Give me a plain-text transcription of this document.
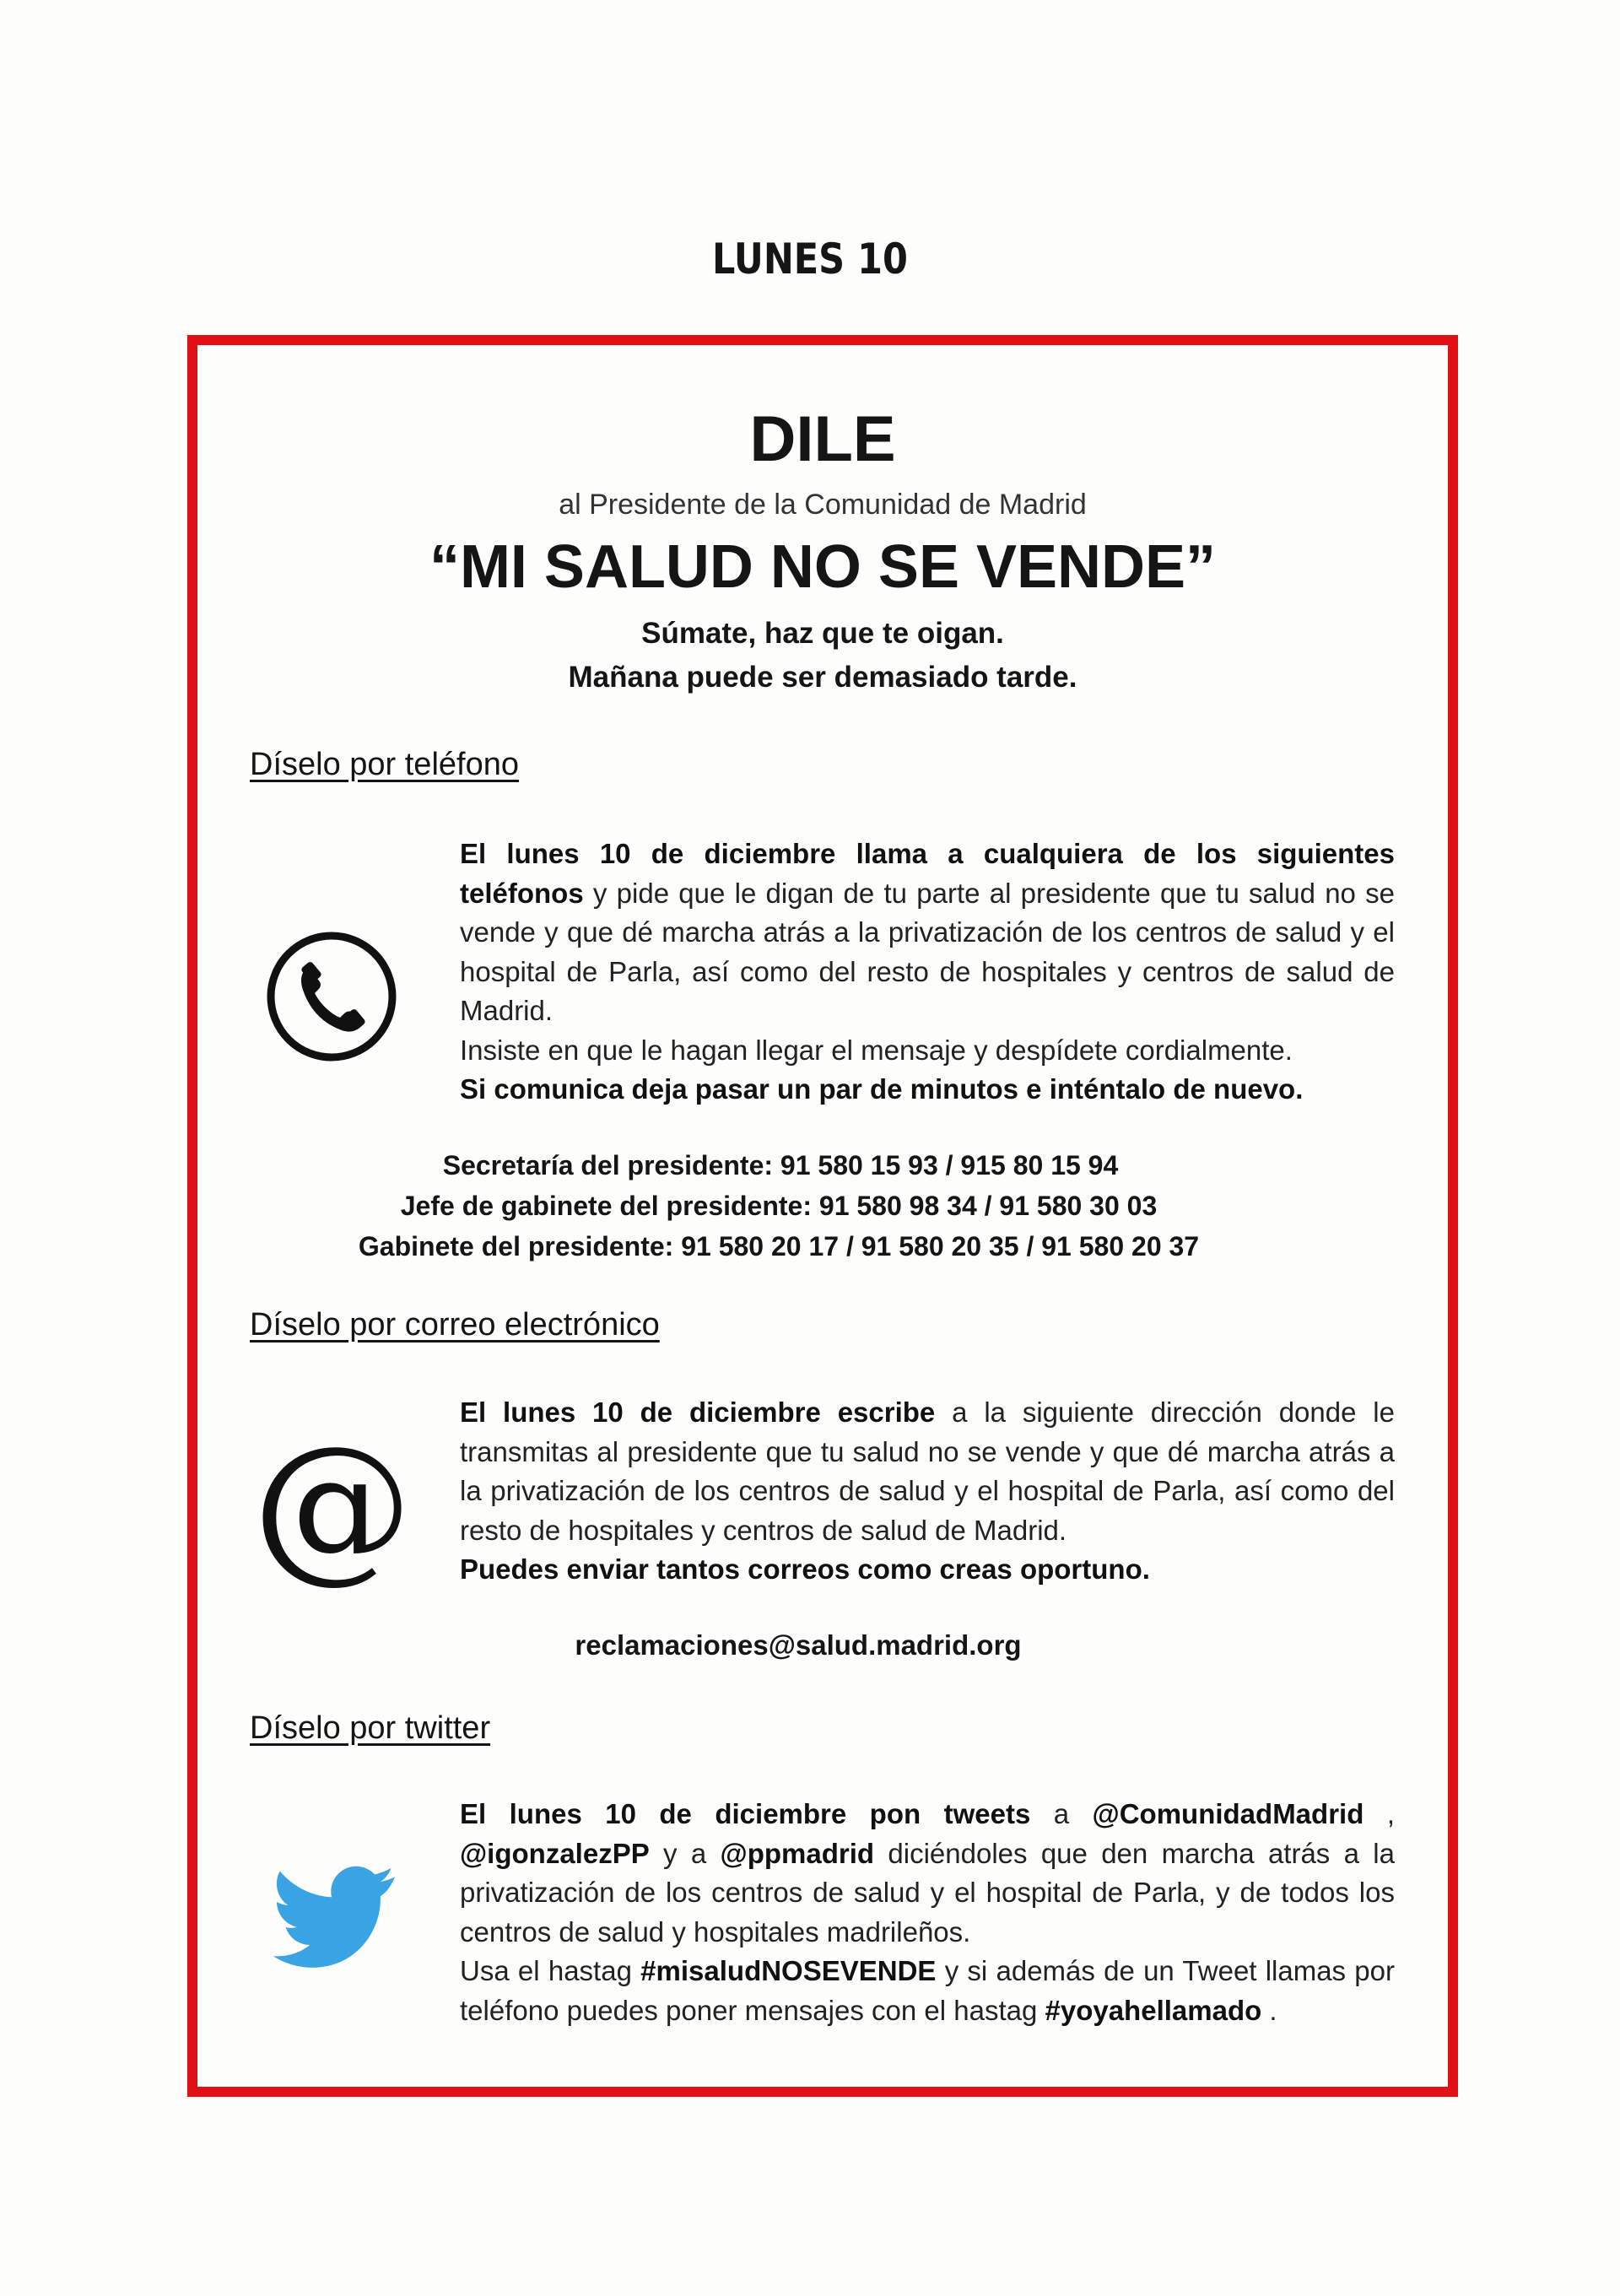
LUNES 10
DILE
al Presidente de la Comunidad de Madrid
“MI SALUD NO SE VENDE”
Súmate, haz que te oigan.
Mañana puede ser demasiado tarde.
Díselo por teléfono
El lunes 10 de diciembre llama a cualquiera de los siguientes teléfonos y pide que le digan de tu parte al presidente que tu salud no se vende y que dé marcha atrás a la privatización de los centros de salud y el hospital de Parla, así como del resto de hospitales y centros de salud de Madrid.
Insiste en que le hagan llegar el mensaje y despídete cordialmente.
Si comunica deja pasar un par de minutos e inténtalo de nuevo.
Secretaría del presidente: 91 580 15 93 / 915 80 15 94
Jefe de gabinete del presidente: 91 580 98 34 / 91 580 30 03
Gabinete del presidente: 91 580 20 17 / 91 580 20 35 / 91 580 20 37
Díselo por correo electrónico
@ El lunes 10 de diciembre escribe a la siguiente dirección donde le transmitas al presidente que tu salud no se vende y que dé marcha atrás a la privatización de los centros de salud y el hospital de Parla, así como del resto de hospitales y centros de salud de Madrid.
Puedes enviar tantos correos como creas oportuno.
reclamaciones@salud.madrid.org
Díselo por twitter
El lunes 10 de diciembre pon tweets a @ComunidadMadrid , @igonzalezPP y a @ppmadrid diciéndoles que den marcha atrás a la privatización de los centros de salud y el hospital de Parla, y de todos los centros de salud y hospitales madrileños.
Usa el hastag #misaludNOSEVENDE y si además de un Tweet llamas por teléfono puedes poner mensajes con el hastag #yoyahellamado .
